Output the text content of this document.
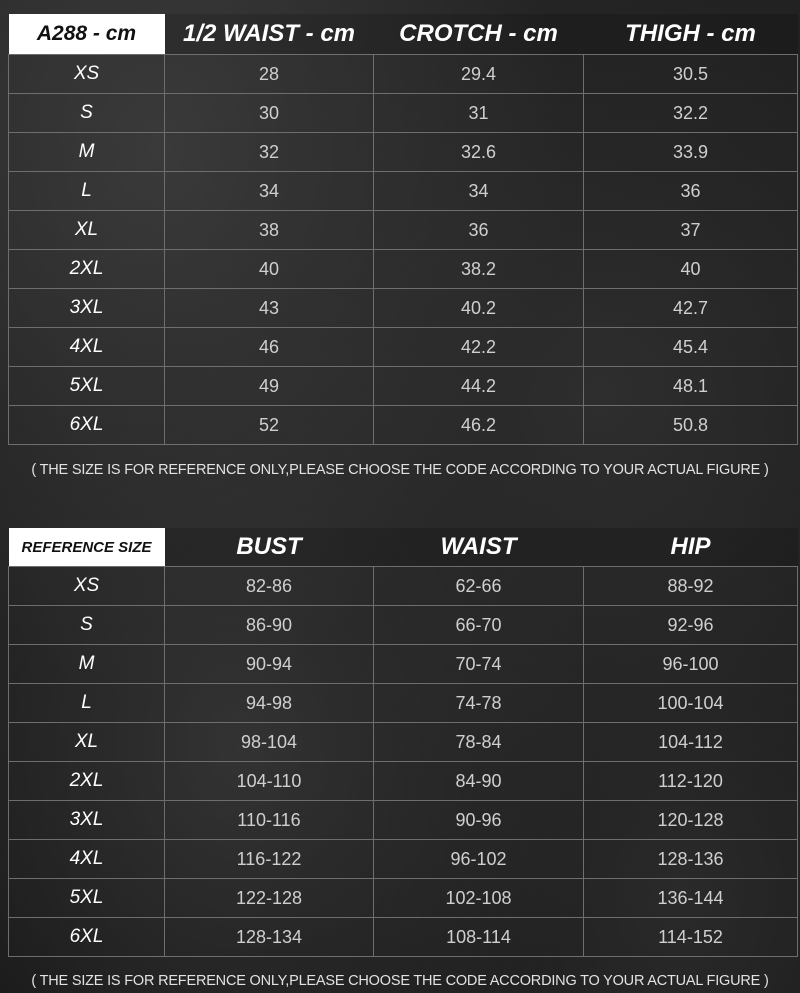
A288 - cm	1/2 WAIST - cm	CROTCH - cm	THIGH - cm
XS	28	29.4	30.5
S	30	31	32.2
M	32	32.6	33.9
L	34	34	36
XL	38	36	37
2XL	40	38.2	40
3XL	43	40.2	42.7
4XL	46	42.2	45.4
5XL	49	44.2	48.1
6XL	52	46.2	50.8
( THE SIZE IS FOR REFERENCE ONLY,PLEASE CHOOSE THE CODE ACCORDING TO YOUR ACTUAL FIGURE )
REFERENCE SIZE	BUST	WAIST	HIP
XS	82-86	62-66	88-92
S	86-90	66-70	92-96
M	90-94	70-74	96-100
L	94-98	74-78	100-104
XL	98-104	78-84	104-112
2XL	104-110	84-90	112-120
3XL	110-116	90-96	120-128
4XL	116-122	96-102	128-136
5XL	122-128	102-108	136-144
6XL	128-134	108-114	114-152
( THE SIZE IS FOR REFERENCE ONLY,PLEASE CHOOSE THE CODE ACCORDING TO YOUR ACTUAL FIGURE )
